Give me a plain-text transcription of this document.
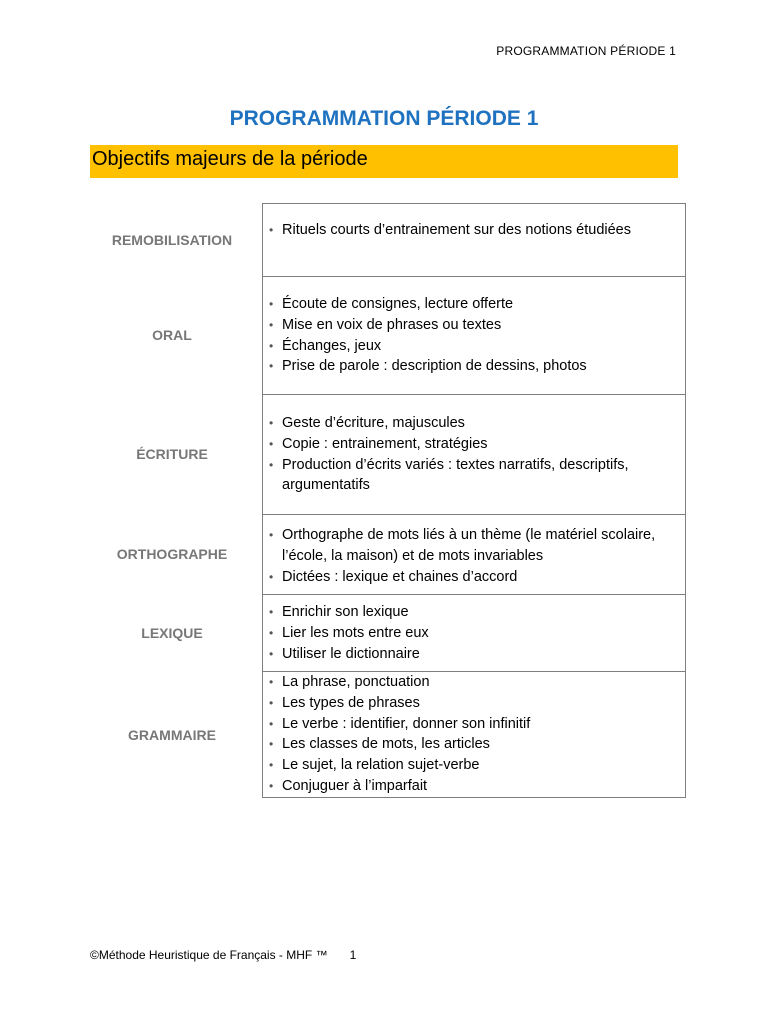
PROGRAMMATION PÉRIODE 1
PROGRAMMATION PÉRIODE 1
Objectifs majeurs de la période
REMOBILISATION
• Rituels courts d’entrainement sur des notions étudiées
ORAL
• Écoute de consignes, lecture offerte
• Mise en voix de phrases ou textes
• Échanges, jeux
• Prise de parole : description de dessins, photos
ÉCRITURE
• Geste d’écriture, majuscules
• Copie : entrainement, stratégies
• Production d’écrits variés : textes narratifs, descriptifs, argumentatifs
ORTHOGRAPHE
• Orthographe de mots liés à un thème (le matériel scolaire, l’école, la maison) et de mots invariables
• Dictées : lexique et chaines d’accord
LEXIQUE
• Enrichir son lexique
• Lier les mots entre eux
• Utiliser le dictionnaire
GRAMMAIRE
• La phrase, ponctuation
• Les types de phrases
• Le verbe : identifier, donner son infinitif
• Les classes de mots, les articles
• Le sujet, la relation sujet-verbe
• Conjuguer à l’imparfait
©Méthode Heuristique de Français - MHF ™ 1
